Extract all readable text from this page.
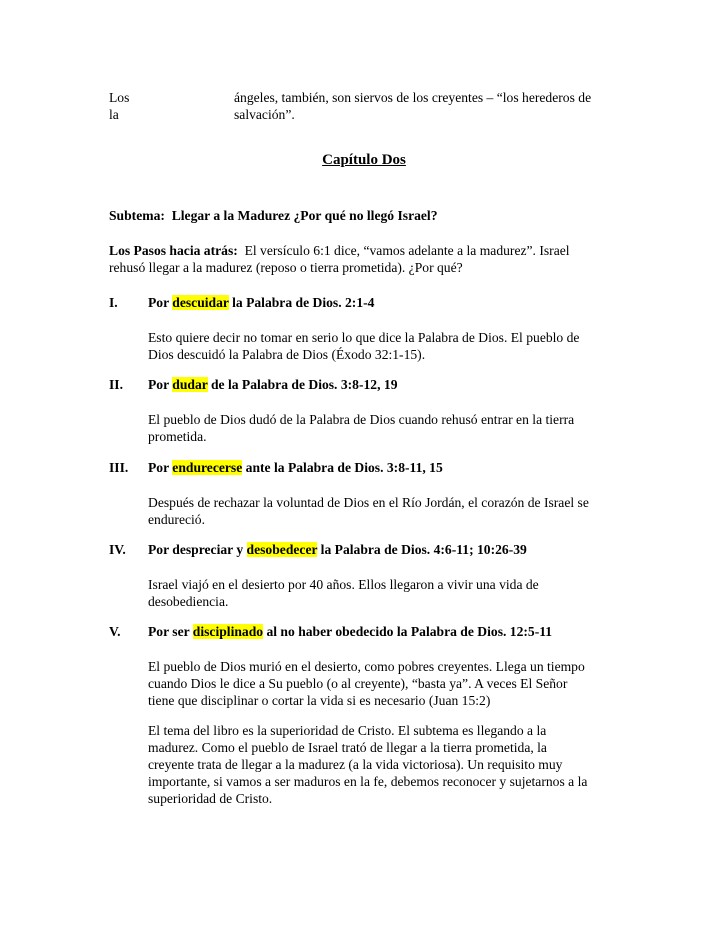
Los
la
ángeles, también, son siervos de los creyentes – “los herederos de
salvación”.
Capítulo Dos
Subtema: Llegar a la Madurez ¿Por qué no llegó Israel?
Los Pasos hacia atrás: El versículo 6:1 dice, “vamos adelante a la madurez”. Israel
rehusó llegar a la madurez (reposo o tierra prometida). ¿Por qué?
I. Por descuidar la Palabra de Dios. 2:1-4
Esto quiere decir no tomar en serio lo que dice la Palabra de Dios. El pueblo de
Dios descuidó la Palabra de Dios (Éxodo 32:1-15).
II. Por dudar de la Palabra de Dios. 3:8-12, 19
El pueblo de Dios dudó de la Palabra de Dios cuando rehusó entrar en la tierra
prometida.
III. Por endurecerse ante la Palabra de Dios. 3:8-11, 15
Después de rechazar la voluntad de Dios en el Río Jordán, el corazón de Israel se
endureció.
IV. Por despreciar y desobedecer la Palabra de Dios. 4:6-11; 10:26-39
Israel viajó en el desierto por 40 años. Ellos llegaron a vivir una vida de
desobediencia.
V. Por ser disciplinado al no haber obedecido la Palabra de Dios. 12:5-11
El pueblo de Dios murió en el desierto, como pobres creyentes. Llega un tiempo
cuando Dios le dice a Su pueblo (o al creyente), “basta ya”. A veces El Señor
tiene que disciplinar o cortar la vida si es necesario (Juan 15:2)
El tema del libro es la superioridad de Cristo. El subtema es llegando a la
madurez. Como el pueblo de Israel trató de llegar a la tierra prometida, la
creyente trata de llegar a la madurez (a la vida victoriosa). Un requisito muy
importante, si vamos a ser maduros en la fe, debemos reconocer y sujetarnos a la
superioridad de Cristo.
